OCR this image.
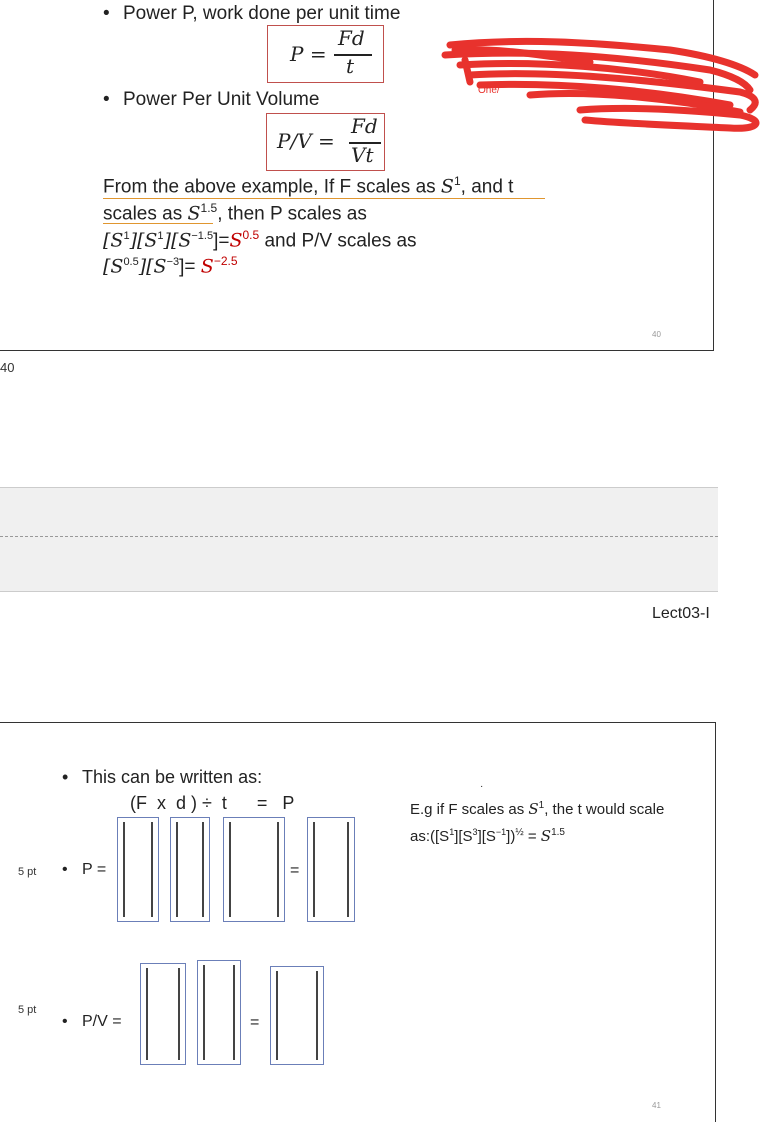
• Power P, work done per unit time
P =
Fd
t
• Power Per Unit Volume
P/V =
Fd
Vt
From the above example, If F scales as $S^1$, and t
scales as $S^{1.5}$, then P scales as
$[S^1][S^1][S^{-1.5}]=S^{0.5}$ and P/V scales as
$[S^{0.5}][S^{-3}]= S^{-2.5}$
One/
40
40
Lect03-I
• This can be written as:
(F  x  d ) ÷  t      =   P
·
E.g if F scales as $S^1$, the t would scale
$as:([S^1][S^3][S^{-1}])^{\frac{1}{2}} = S^{1.5}$
5 pt • P =	=
5 pt
• P/V =	=
41
